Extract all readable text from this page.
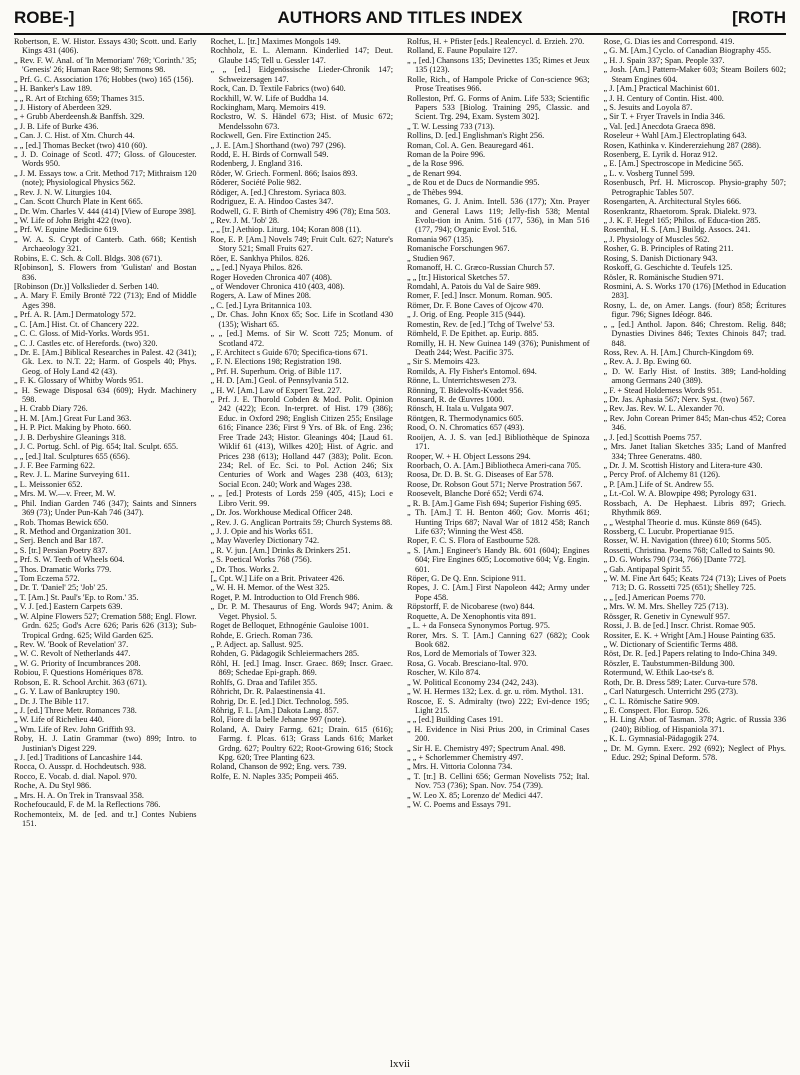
ROBE-]	AUTHORS AND TITLES INDEX	[ROTH

Robertson, E. W. Histor. Essays 430; Scott. und. Early Kings 431 (406).

„ Rev. F. W. Anal. of 'In Memoriam' 769; 'Corinth.' 35; 'Genesis' 26; Human Race 98; Sermons 98.

„ Prf. G. C. Association 176; Hobbes (two) 165 (156).

„ H. Banker's Law 189.

„ „ R. Art of Etching 659; Thames 315.

„ J. History of Aberdeen 329.

„ + Grubb Aberdeensh.& Banffsh. 329.

„ J. B. Life of Burke 436.

„ Can. J. C. Hist. of Xtn. Church 44.

„ „ [ed.] Thomas Becket (two) 410 (60).

„ J. D. Coinage of Scotl. 477; Gloss. of Gloucester. Words 950.

„ J. M. Essays tow. a Crit. Method 717; Mithraism 120 (note); Physiological Physics 562.

„ Rev. J. N. W. Liturgies 104.

„ Can. Scott Church Plate in Kent 665.

„ Dr. Wm. Charles V. 444 (414) [View of Europe 398].

„ W. Life of John Bright 422 (two).

„ Prf. W. Equine Medicine 619.

„ W. A. S. Crypt of Canterb. Cath. 668; Kentish Archaeology 321.

Robins, E. C. Sch. & Coll. Bldgs. 308 (671).

R[obinson], S. Flowers from 'Gulistan' and Bostan 836.

[Robinson (Dr.)] Volkslieder d. Serben 140.

„ A. Mary F. Emily Brontë 722 (713); End of Middle Ages 398.

„ Prf. A. R. [Am.] Dermatology 572.

„ C. [Am.] Hist. Ct. of Chancery 222.

„ C. C. Gloss. of Mid-Yorks. Words 951.

„ C. J. Castles etc. of Herefords. (two) 320.

„ Dr. E. [Am.] Biblical Researches in Palest. 42 (341); Gk. Lex. to N.T. 22; Harm. of Gospels 40; Phys. Geog. of Holy Land 42 (43).

„ F. K. Glossary of Whitby Words 951.

„ H. Sewage Disposal 634 (609); Hydr. Machinery 598.

„ H. Crabb Diary 726.

„ H. M. [Am.] Great Fur Land 363.

„ H. P. Pict. Making by Photo. 660.

„ J. B. Derbyshire Gleanings 318.

„ J. C. Portug. Schl. of Pig. 654; Ital. Sculpt. 655.

„ „ [ed.] Ital. Sculptures 655 (656).

„ J. F. Bee Farming 622.

„ Rev. J. L. Marine Surveying 611.

„ L. Meissonier 652.

„ Mrs. M. W.—v. Freer, M. W.

„ Phil. Indian Garden 746 (347); Saints and Sinners 369 (73); Under Pun-Kah 746 (347).

„ Rob. Thomas Bewick 650.

„ R. Method and Organization 301.

„ Serj. Bench and Bar 187.

„ S. [tr.] Persian Poetry 837.

„ Prf. S. W. Teeth of Wheels 604.

„ Thos. Dramatic Works 779.

„ Tom Eczema 572.

„ Dr. T. 'Daniel' 25; 'Job' 25.

„ T. [Am.] St. Paul's 'Ep. to Rom.' 35.

„ V. J. [ed.] Eastern Carpets 639.

„ W. Alpine Flowers 527; Cremation 588; Engl. Flowr. Grdn. 625; God's Acre 626; Paris 626 (313); Sub-Tropical Grdng. 625; Wild Garden 625.

„ Rev. W. 'Book of Revelation' 37.

„ W. C. Revolt of Netherlands 447.

„ W. G. Priority of Incumbrances 208.

Robiou, F. Questions Homériques 878.

Robson, E. R. School Archit. 363 (671).

„ G. Y. Law of Bankruptcy 190.

„ Dr. J. The Bible 117.

„ J. [ed.] Three Metr. Romances 738.

„ W. Life of Richelieu 440.

„ Wm. Life of Rev. John Griffith 93.

Roby, H. J. Latin Grammar (two) 899; Intro. to Justinian's Digest 229.

„ J. [ed.] Traditions of Lancashire 144.

Rocca, O. Ausspr. d. Hochdeutsch. 938.

Rocco, E. Vocab. d. dial. Napol. 970.

Roche, A. Du Styl 986.

„ Mrs. H. A. On Trek in Transvaal 358.

Rochefoucauld, F. de M. la Reflections 786.

Rochemonteix, M. de [ed. and tr.] Contes Nubiens 151.

Rochet, L. [tr.] Maximes Mongols 149.

Rochholz, E. L. Alemann. Kinderlied 147; Deut. Glaube 145; Tell u. Gessler 147.

„ „ [ed.] Eidgenössische Lieder-Chronik 147; Schweizersagen 147.

Rock, Can. D. Textile Fabrics (two) 640.

Rockhill, W. W. Life of Buddha 14.

Rockingham, Marq. Memoirs 419.

Rockstro, W. S. Händel 673; Hist. of Music 672; Mendelssohn 673.

Rockwell, Gen. Fire Extinction 245.

„ J. E. [Am.] Shorthand (two) 797 (296).

Rodd, E. H. Birds of Cornwall 549.

Rodenberg, J. England 316.

Röder, W. Griech. Formenl. 866; Isaios 893.

Rōderer, Société Polie 982.

Rödiger, A. [ed.] Chrestom. Syriaca 803.

Rodriguez, E. A. Hindoo Castes 347.

Rodwell, G. F. Birth of Chemistry 496 (78); Etna 503.

„ Rev. J. M. 'Job' 28.

„ „ [tr.] Aethiop. Liturg. 104; Koran 808 (11).

Roe, E. P. [Am.] Novels 749; Fruit Cult. 627; Nature's Story 521; Small Fruits 627.

Röer, E. Sankhya Philos. 826.

„ „ [ed.] Nyaya Philos. 826.

Roger Hoveden Chronica 407 (408).

„ of Wendover Chronica 410 (403, 408).

Rogers, A. Law of Mines 208.

„ C. [ed.] Lyra Britannica 103.

„ Dr. Chas. John Knox 65; Soc. Life in Scotland 430 (135); Wishart 65.

„ „ [ed.] Mems. of Sir W. Scott 725; Monum. of Scotland 472.

„ F. Architect s Guide 670; Specifica-tions 671.

„ F. N. Elections 198; Registration 198.

„ Prf. H. Superhum. Orig. of Bible 117.

„ H. D. [Am.] Geol. of Pennsylvania 512.

„ H. W. [Am.] Law of Expert Test. 227.

„ Prf. J. E. Thorold Cobden & Mod. Polit. Opinion 242 (422); Econ. In-terpret. of Hist. 179 (386); Educ. in Oxford 298; English Citizen 255; Ensilage 616; Finance 236; First 9 Yrs. of Bk. of Eng. 236; Free Trade 243; Histor. Gleanings 404; [Laud 61. Wiklif 61 (413), Wilkes 420]; Hist. of Agric. and Prices 238 (613); Holland 447 (383); Polit. Econ. 234; Rel. of Ec. Sci. to Pol. Action 246; Six Centuries of Work and Wages 238 (403, 613); Social Econ. 240; Work and Wages 238.

„ „ [ed.] Protests of Lords 259 (405, 415); Loci e Libro Verit. 99.

„ Dr. Jos. Workhouse Medical Officer 248.

„ Rev. J. G. Anglican Portraits 59; Church Systems 88.

„ J. J. Opie and his Works 651.

„ May Waverley Dictionary 742.

„ R. V. jun. [Am.] Drinks & Drinkers 251.

„ S. Poetical Works 768 (756).

„ Dr. Thos. Works 2.

[„ Cpt. W.] Life on a Brit. Privateer 426.

„ W. H. H. Memor. of the West 325.

Roget, P. M. Introduction to Old French 986.

„ Dr. P. M. Thesaurus of Eng. Words 947; Anim. & Veget. Physiol. 5.

Roget de Belloquet, Ethnogénie Gauloise 1001.

Rohde, E. Griech. Roman 736.

„ P. Adject. ap. Sallust. 925.

Rohden, G. Pädagogik Schleiermachers 285.

Röhl, H. [ed.] Imag. Inscr. Graec. 869; Inscr. Graec. 869; Schedae Epi-graph. 869.

Rohlfs, G. Draa and Tafilet 355.

Röhricht, Dr. R. Palaestinensia 41.

Rohrig, Dr. E. [ed.] Dict. Technolog. 595.

Röhrig, F. L. [Am.] Dakota Lang. 857.

Rol, Fiore di la belle Jehanne 997 (note).

Roland, A. Dairy Farmg. 621; Drain. 615 (616); Farmg. f. Plcas. 613; Grass Lands 616; Market Grdng. 627; Poultry 622; Root-Growing 616; Stock Kpg. 620; Tree Planting 623.

Roland, Chanson de 992; Eng. vers. 739.

Rolfe, E. N. Naples 335; Pompeii 465.

Rolfus, H. + Pfister [eds.] Realencycl. d. Erzieh. 270.

Rolland, E. Faune Populaire 127.

„ „ [ed.] Chansons 135; Devinettes 135; Rimes et Jeux 135 (123).

Rolle, Rich., of Hampole Pricke of Con-science 963; Prose Treatises 966.

Rolleston, Prf. G. Forms of Anim. Life 533; Scientific Papers 533 [Biolog. Training 295, Classic. and Scient. Trg. 294, Exam. System 302].

„ T. W. Lessing 733 (713).

Rollins, D. [ed.] Englishman's Right 256.

Roman, Col. A. Gen. Beauregard 461.

Roman de la Poire 996.

„ de la Rose 996.

„ de Renart 994.

„ de Rou et de Ducs de Normandie 995.

„ de Thèbes 994.

Romanes, G. J. Anim. Intell. 536 (177); Xtn. Prayer and General Laws 119; Jelly-fish 538; Mental Evolu-tion in Anim. 516 (177, 536), in Man 516 (177, 794); Organic Evol. 516.

Romania 967 (135).

Romanische Forschungen 967.

„ Studien 967.

Romanoff, H. C. Græco-Russian Church 57.

„ „ [tr.] Historical Sketches 57.

Romdahl, A. Patois du Val de Saire 989.

Romer, F. [ed.] Inscr. Monum. Roman. 905.

Römer, Dr. F. Bone Caves of Ojcow 470.

„ J. Orig. of Eng. People 315 (944).

Romestin, Rev. de [ed.] 'Tchg of Twelve' 53.

Römheld, F. De Epithet. ap. Eurip. 885.

Romilly, H. H. New Guinea 149 (376); Punishment of Death 244; West. Pacific 375.

„ Sir S. Memoirs 423.

Romilds, A. Fly Fisher's Entomol. 694.

Rönne, L. Unterrichtswesen 273.

Rönning, T. Bidevolfs-Kvadet 956.

Ronsard, R. de Œuvres 1000.

Rönsch, H. Itala u. Vulgata 907.

Röntgen, R. Thermodynamics 605.

Rood, O. N. Chromatics 657 (493).

Rooijen, A. J. S. van [ed.] Bibliothèque de Spinoza 171.

Rooper, W. + H. Object Lessons 294.

Roorbach, O. A. [Am.] Bibliotheca Ameri-cana 705.

Roosa, Dr. D. B. St. G. Diseases of Ear 578.

Roose, Dr. Robson Gout 571; Nerve Prostration 567.

Roosevelt, Blanche Doré 652; Verdi 674.

„ R. B. [Am.] Game Fish 694; Superior Fishing 695.

„ Th. [Am.] T. H. Benton 460; Gov. Morris 461; Hunting Trips 687; Naval War of 1812 458; Ranch Life 637; Winning the West 458.

Roper, F. C. S. Flora of Eastbourne 528.

„ S. [Am.] Engineer's Handy Bk. 601 (604); Engines 604; Fire Engines 605; Locomotive 604; Vg. Engin. 601.

Röper, G. De Q. Enn. Scipione 911.

Ropes, J. C. [Am.] First Napoleon 442; Army under Pope 458.

Röpstorff, F. de Nicobarese (two) 844.

Roquette, A. De Xenophontis vita 891.

„ L. + da Fonseca Synonymos Portug. 975.

Rorer, Mrs. S. T. [Am.] Canning 627 (682); Cook Book 682.

Ros, Lord de Memorials of Tower 323.

Rosa, G. Vocab. Bresciano-Ital. 970.

Roscher, W. Kilo 874.

„ W. Political Economy 234 (242, 243).

„ W. H. Hermes 132; Lex. d. gr. u. röm. Mythol. 131.

Roscoe, E. S. Admiralty (two) 222; Evi-dence 195; Light 215.

„ „ [ed.] Building Cases 191.

„ H. Evidence in Nisi Prius 200, in Criminal Cases 200.

„ Sir H. E. Chemistry 497; Spectrum Anal. 498.

„ „ + Schorlemmer Chemistry 497.

„ Mrs. H. Vittoria Colonna 734.

„ T. [tr.] B. Cellini 656; German Novelists 752; Ital. Nov. 753 (736); Span. Nov. 754 (739).

„ W. Leo X. 85; Lorenzo de' Medici 447.

„ W. C. Poems and Essays 791.

Rose, G. Dias ies and Correspond. 419.

„ G. M. [Am.] Cyclo. of Canadian Biography 455.

„ H. J. Spain 337; Span. People 337.

„ Josh. [Am.] Pattern-Maker 603; Steam Boilers 602; Steam Engines 604.

„ J. [Am.] Practical Machinist 601.

„ J. H. Century of Contin. Hist. 400.

„ S. Jesuits and Loyola 87.

„ Sir T. + Fryer Travels in India 346.

„ Val. [ed.] Anecdota Graeca 898.

Roseleur + Wahl [Am.] Electroplating 643.

Rosen, Kathinka v. Kindererziehung 287 (288).

Rosenberg, E. Lyrik d. Horaz 912.

„ E. [Am.] Spectroscope in Medicine 565.

„ L. v. Vosberg Tunnel 599.

Rosenbusch, Prf. H. Microscop. Physio-graphy 507; Petrographic Tables 507.

Rosengarten, A. Architectural Styles 666.

Rosenkrantz, Rhaetorom. Sprak. Dialekt. 973.

„ J. K. F. Hegel 165; Philos. of Educa-tion 285.

Rosenthal, H. S. [Am.] Buildg. Assocs. 241.

„ J. Physiology of Muscles 562.

Rosher, G. B. Principles of Rating 211.

Rosing, S. Danish Dictionary 943.

Roskoff, G. Geschichte d. Teufels 125.

Rösler, R. Romänische Studien 971.

Rosmini, A. S. Works 170 (176) [Method in Education 283].

Rosny, L. de, on Amer. Langs. (four) 858; Écritures figur. 796; Signes Idéogr. 846.

„ „ [ed.] Anthol. Japon. 846; Chrestom. Relig. 848; Dynasties Divines 846; Textes Chinois 847; trad. 848.

Ross, Rev. A. H. [Am.] Church-Kingdom 69.

„ Rev. A. J. Bp. Ewing 60.

„ D. W. Early Hist. of Instits. 389; Land-holding among Germans 240 (389).

„ F. + Stead Holderness Words 951.

„ Dr. Jas. Aphasia 567; Nerv. Syst. (two) 567.

„ Rev. Jas. Rev. W. L. Alexander 70.

„ Rev. John Corean Primer 845; Man-chus 452; Corea 346.

„ J. [ed.] Scottish Poems 757.

„ Mrs. Janet Italian Sketches 335; Land of Manfred 334; Three Generatns. 480.

„ Dr. J. M. Scottish History and Litera-ture 430.

„ Percy Prof. of Alchemy 81 (126).

„ P. [Am.] Life of St. Andrew 55.

„ Lt.-Col. W. A. Blowpipe 498; Pyrology 631.

Rossbach, A. De Hephaest. Libris 897; Griech. Rhythmik 869.

„ „ Westphal Theorie d. mus. Künste 869 (645).

Rossberg, C. Lucubr. Propertianae 915.

Rosser, W. H. Navigation (three) 610; Storms 505.

Rossetti, Christina. Poems 768; Called to Saints 90.

„ D. G. Works 790 (734, 766) [Dante 772].

„ Gab. Antipapal Spirit 55.

„ W. M. Fine Art 645; Keats 724 (713); Lives of Poets 713; D. G. Rossetti 725 (651); Shelley 725.

„ „ [ed.] American Poems 770.

„ Mrs. W. M. Mrs. Shelley 725 (713).

Rössger, R. Genetiv in Cynewulf 957.

Rossi, J. B. de [ed.] Inscr. Christ. Romae 905.

Rossiter, E. K. + Wright [Am.] House Painting 635.

„ W. Dictionary of Scientific Terms 488.

Röst, Dr. R. [ed.] Papers relating to Indo-China 349.

Röszler, E. Taubstummen-Bildung 300.

Rotermund, W. Ethik Lao-tse's 8.

Roth, Dr. B. Dress 589; Later. Curva-ture 578.

„ Carl Naturgesch. Unterricht 295 (273).

„ C. L. Römische Satire 909.

„ E. Conspect. Flor. Europ. 526.

„ H. Ling Abor. of Tasman. 378; Agric. of Russia 336 (240); Bibliog. of Hispaniola 371.

„ K. L. Gymnasial-Pädagogik 274.

„ Dr. M. Gymn. Exerc. 292 (692); Neglect of Phys. Educ. 292; Spinal Deform. 578.

lxvii
